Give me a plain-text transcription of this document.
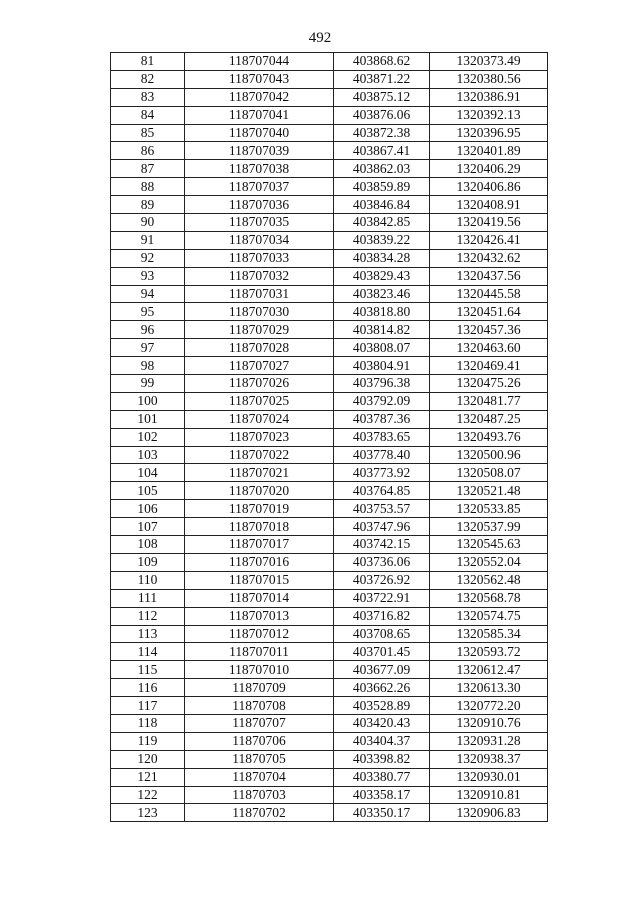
492
81	118707044	403868.62	1320373.49
82	118707043	403871.22	1320380.56
83	118707042	403875.12	1320386.91
84	118707041	403876.06	1320392.13
85	118707040	403872.38	1320396.95
86	118707039	403867.41	1320401.89
87	118707038	403862.03	1320406.29
88	118707037	403859.89	1320406.86
89	118707036	403846.84	1320408.91
90	118707035	403842.85	1320419.56
91	118707034	403839.22	1320426.41
92	118707033	403834.28	1320432.62
93	118707032	403829.43	1320437.56
94	118707031	403823.46	1320445.58
95	118707030	403818.80	1320451.64
96	118707029	403814.82	1320457.36
97	118707028	403808.07	1320463.60
98	118707027	403804.91	1320469.41
99	118707026	403796.38	1320475.26
100	118707025	403792.09	1320481.77
101	118707024	403787.36	1320487.25
102	118707023	403783.65	1320493.76
103	118707022	403778.40	1320500.96
104	118707021	403773.92	1320508.07
105	118707020	403764.85	1320521.48
106	118707019	403753.57	1320533.85
107	118707018	403747.96	1320537.99
108	118707017	403742.15	1320545.63
109	118707016	403736.06	1320552.04
110	118707015	403726.92	1320562.48
111	118707014	403722.91	1320568.78
112	118707013	403716.82	1320574.75
113	118707012	403708.65	1320585.34
114	118707011	403701.45	1320593.72
115	118707010	403677.09	1320612.47
116	11870709	403662.26	1320613.30
117	11870708	403528.89	1320772.20
118	11870707	403420.43	1320910.76
119	11870706	403404.37	1320931.28
120	11870705	403398.82	1320938.37
121	11870704	403380.77	1320930.01
122	11870703	403358.17	1320910.81
123	11870702	403350.17	1320906.83
